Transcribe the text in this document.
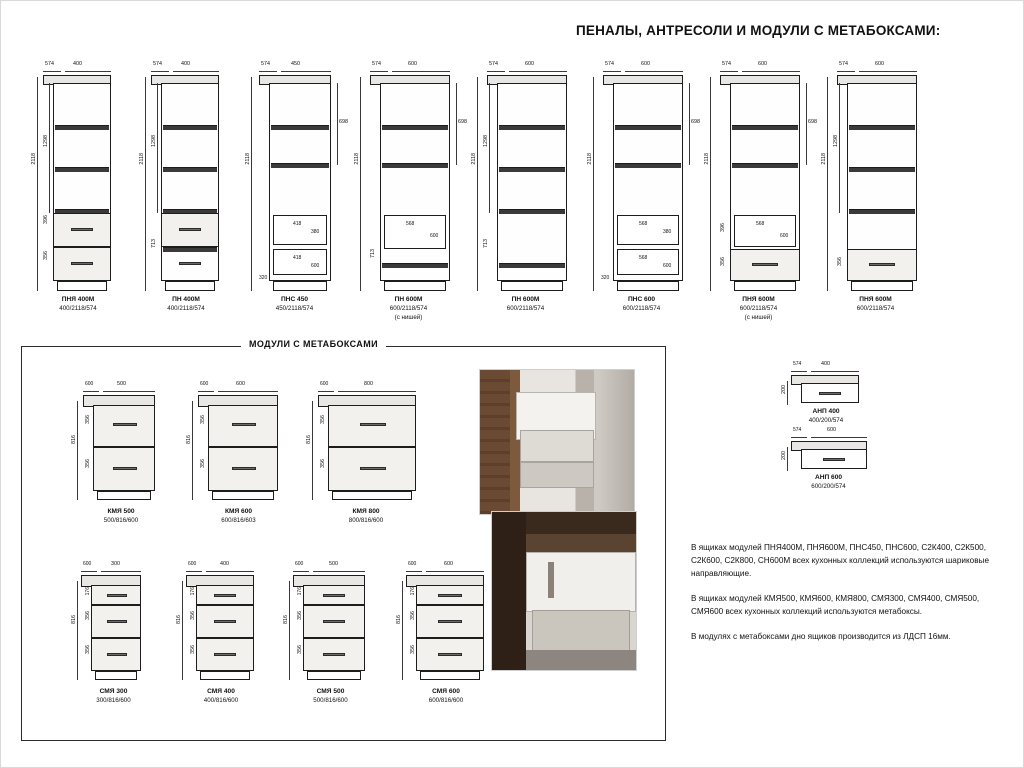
ПЕНАЛЫ, АНТРЕСОЛИ И МОДУЛИ С МЕТАБОКСАМИ:
574	400
2118
1298
396
356
ПНЯ 400М
400/2118/574
574	400
2118
1298
713
ПН 400М
400/2118/574
574	450
2118
698
418
380
418
600
320
ПНС 450
450/2118/574
574	600
2118
698
568
600
713
ПН 600М
600/2118/574
(с нишей)
574	600
2118
1298
713
ПН 600М
600/2118/574
574	600
2118
698
568
380
568
600
320
ПНС 600
600/2118/574
574	600
2118
698
568
600
396
356
ПНЯ 600М
600/2118/574
(с нишей)
574	600
2118
1298
356
ПНЯ 600М
600/2118/574
МОДУЛИ С МЕТАБОКСАМИ
600	500
816
356
356
КМЯ 500
500/816/600
600	600
816
356
356
КМЯ 600
600/816/603
600	800
816
356
356
КМЯ 800
800/816/600
600	300
816
176
356
356
СМЯ 300
300/816/600
600	400
816
176
356
356
СМЯ 400
400/816/600
600	500
816
176
356
356
СМЯ 500
500/816/600
600	600
816
176
356
356
СМЯ 600
600/816/600
574	400
200
АНП 400
400/200/574
574	600
200
АНП 600
600/200/574

В ящиках модулей ПНЯ400М, ПНЯ600М, ПНС450, ПНС600, С2К400, С2К500, С2К600, С2К800, СН600М всех кухонных коллекций используются шариковые направляющие.

В ящиках модулей КМЯ500, КМЯ600, КМЯ800, СМЯ300, СМЯ400, СМЯ500, СМЯ600 всех кухонных коллекций используются метабоксы.

В модулях с метабоксами дно ящиков производится из ЛДСП 16мм.
